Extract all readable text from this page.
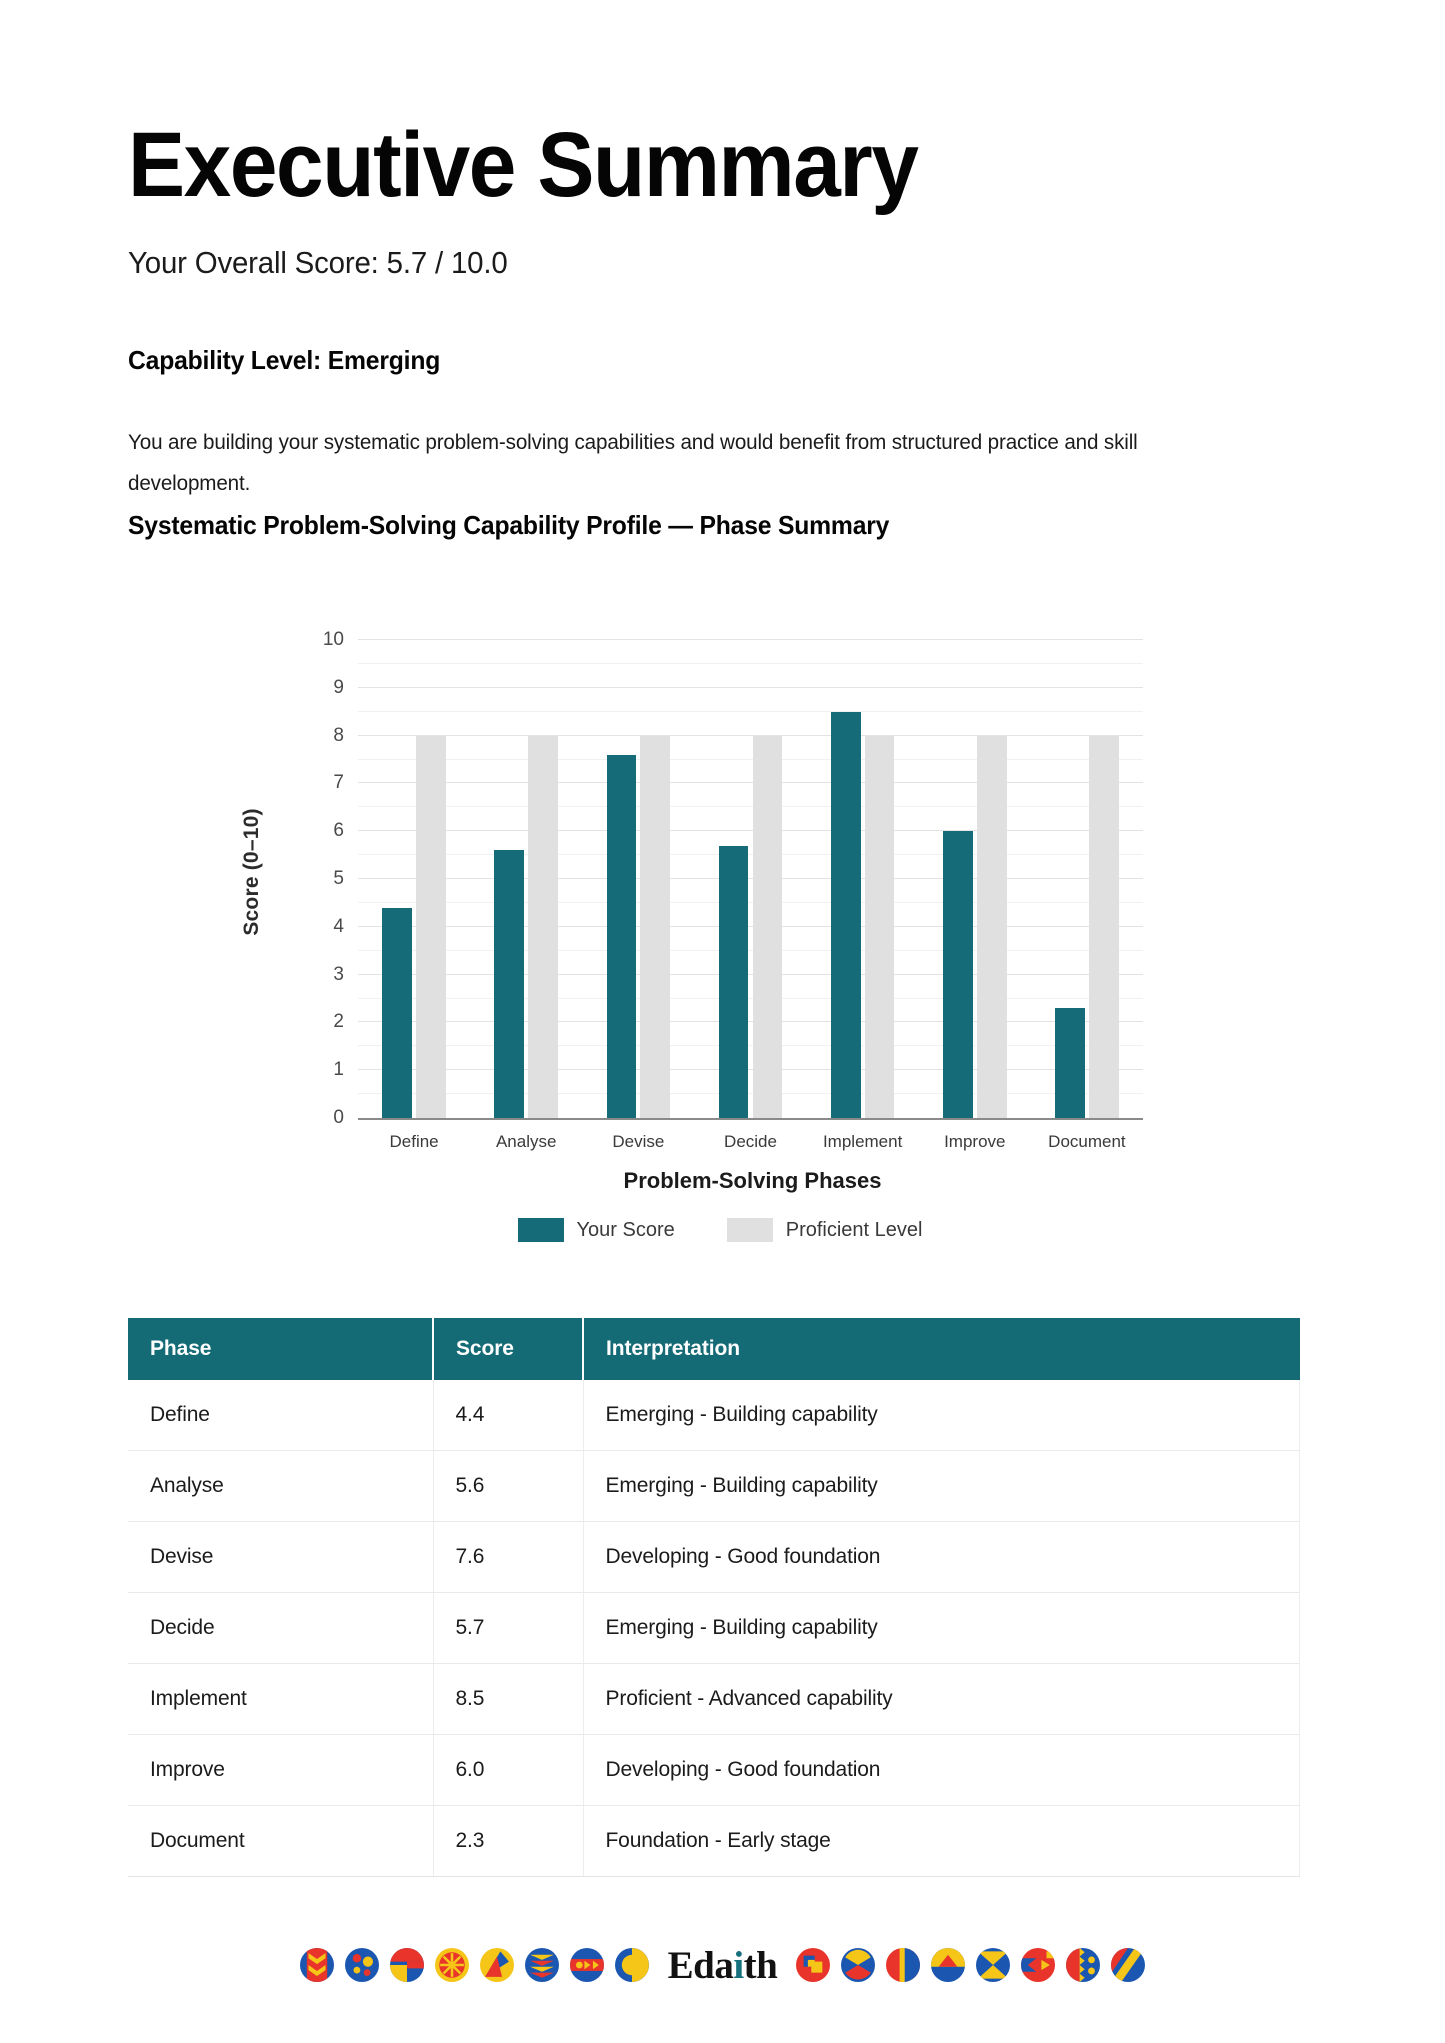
Executive Summary
Your Overall Score: 5.7 / 10.0
Capability Level: Emerging

You are building your systematic problem-solving capabilities and would benefit from structured practice and skill development.

Systematic Problem-Solving Capability Profile — Phase Summary
Score (0–10)
0
1
2
3
4
5
6
7
8
9
10
Define	Analyse	Devise	Decide	Implement Improve	Document
Problem-Solving Phases
Your Score	Proficient Level
Phase	Score	Interpretation
Define	4.4	Emerging - Building capability
Analyse	5.6	Emerging - Building capability
Devise	7.6	Developing - Good foundation
Decide	5.7	Emerging - Building capability
Implement	8.5	Proficient - Advanced capability
Improve	6.0	Developing - Good foundation
Document	2.3	Foundation - Early stage
Edaith
